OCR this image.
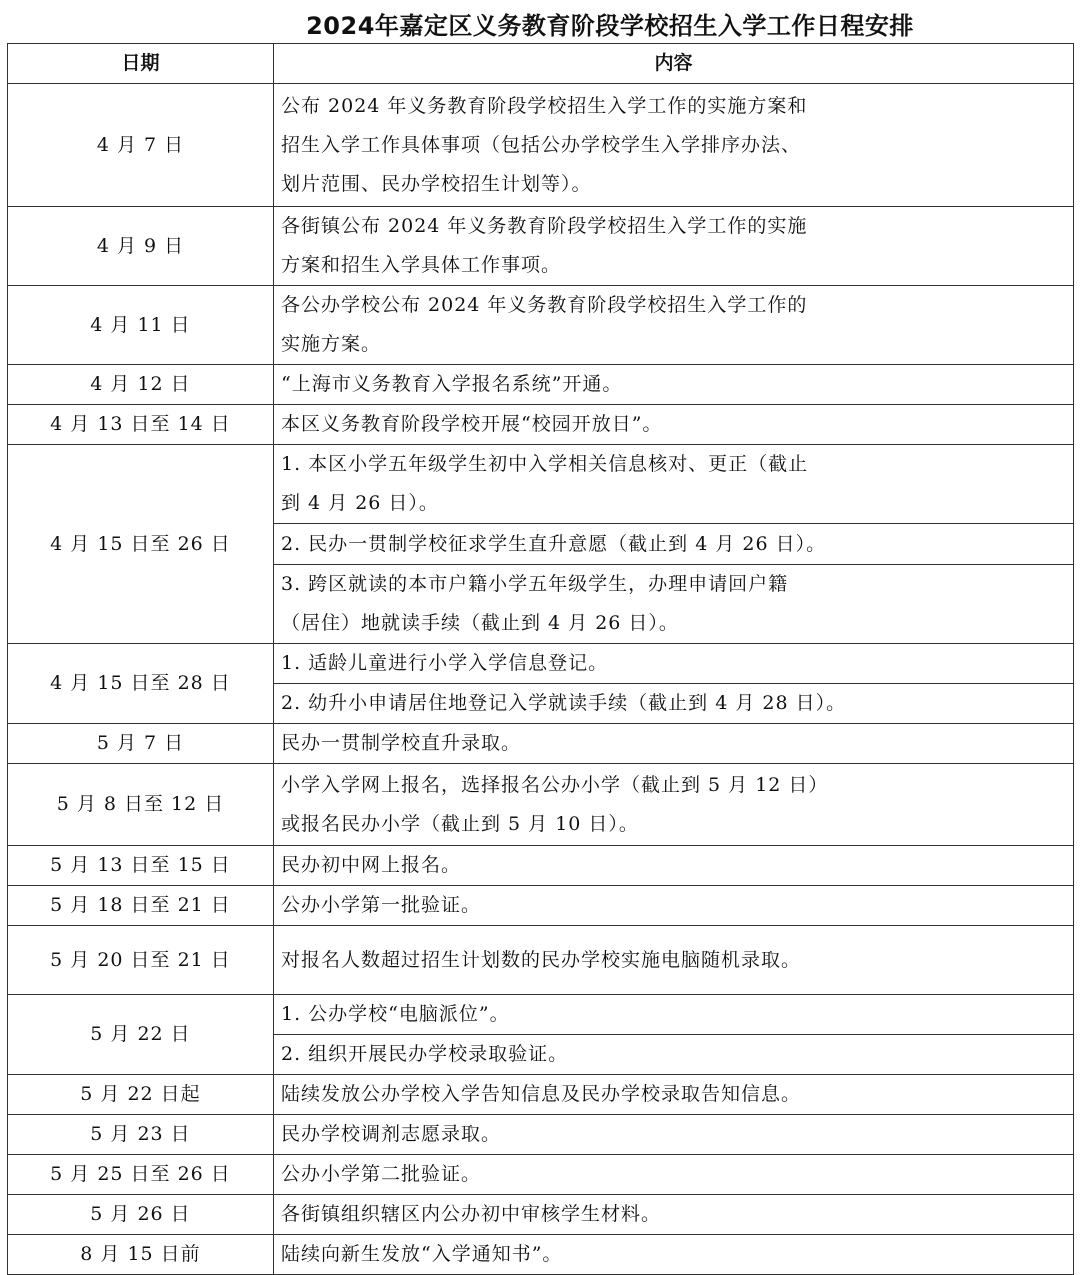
2024年嘉定区义务教育阶段学校招生入学工作日程安排
日期	内容
4 月 7 日	公布 2024 年义务教育阶段学校招生入学工作的实施方案和
招生入学工作具体事项（包括公办学校学生入学排序办法、
划片范围、民办学校招生计划等）。
4 月 9 日	各街镇公布 2024 年义务教育阶段学校招生入学工作的实施
方案和招生入学具体工作事项。
4 月 11 日	各公办学校公布 2024 年义务教育阶段学校招生入学工作的
实施方案。
4 月 12 日	“上海市义务教育入学报名系统”开通。
4 月 13 日至 14 日	本区义务教育阶段学校开展“校园开放日”。
4 月 15 日至 26 日	1. 本区小学五年级学生初中入学相关信息核对、更正（截止
到 4 月 26 日）。
	2. 民办一贯制学校征求学生直升意愿（截止到 4 月 26 日）。
	3. 跨区就读的本市户籍小学五年级学生，办理申请回户籍
（居住）地就读手续（截止到 4 月 26 日）。
4 月 15 日至 28 日	1. 适龄儿童进行小学入学信息登记。
	2. 幼升小申请居住地登记入学就读手续（截止到 4 月 28 日）。
5 月 7 日	民办一贯制学校直升录取。
5 月 8 日至 12 日	小学入学网上报名，选择报名公办小学（截止到 5 月 12 日）
或报名民办小学（截止到 5 月 10 日）。
5 月 13 日至 15 日	民办初中网上报名。
5 月 18 日至 21 日	公办小学第一批验证。
5 月 20 日至 21 日	对报名人数超过招生计划数的民办学校实施电脑随机录取。
5 月 22 日	1. 公办学校“电脑派位”。
	2. 组织开展民办学校录取验证。
5 月 22 日起	陆续发放公办学校入学告知信息及民办学校录取告知信息。
5 月 23 日	民办学校调剂志愿录取。
5 月 25 日至 26 日	公办小学第二批验证。
5 月 26 日	各街镇组织辖区内公办初中审核学生材料。
8 月 15 日前	陆续向新生发放“入学通知书”。
